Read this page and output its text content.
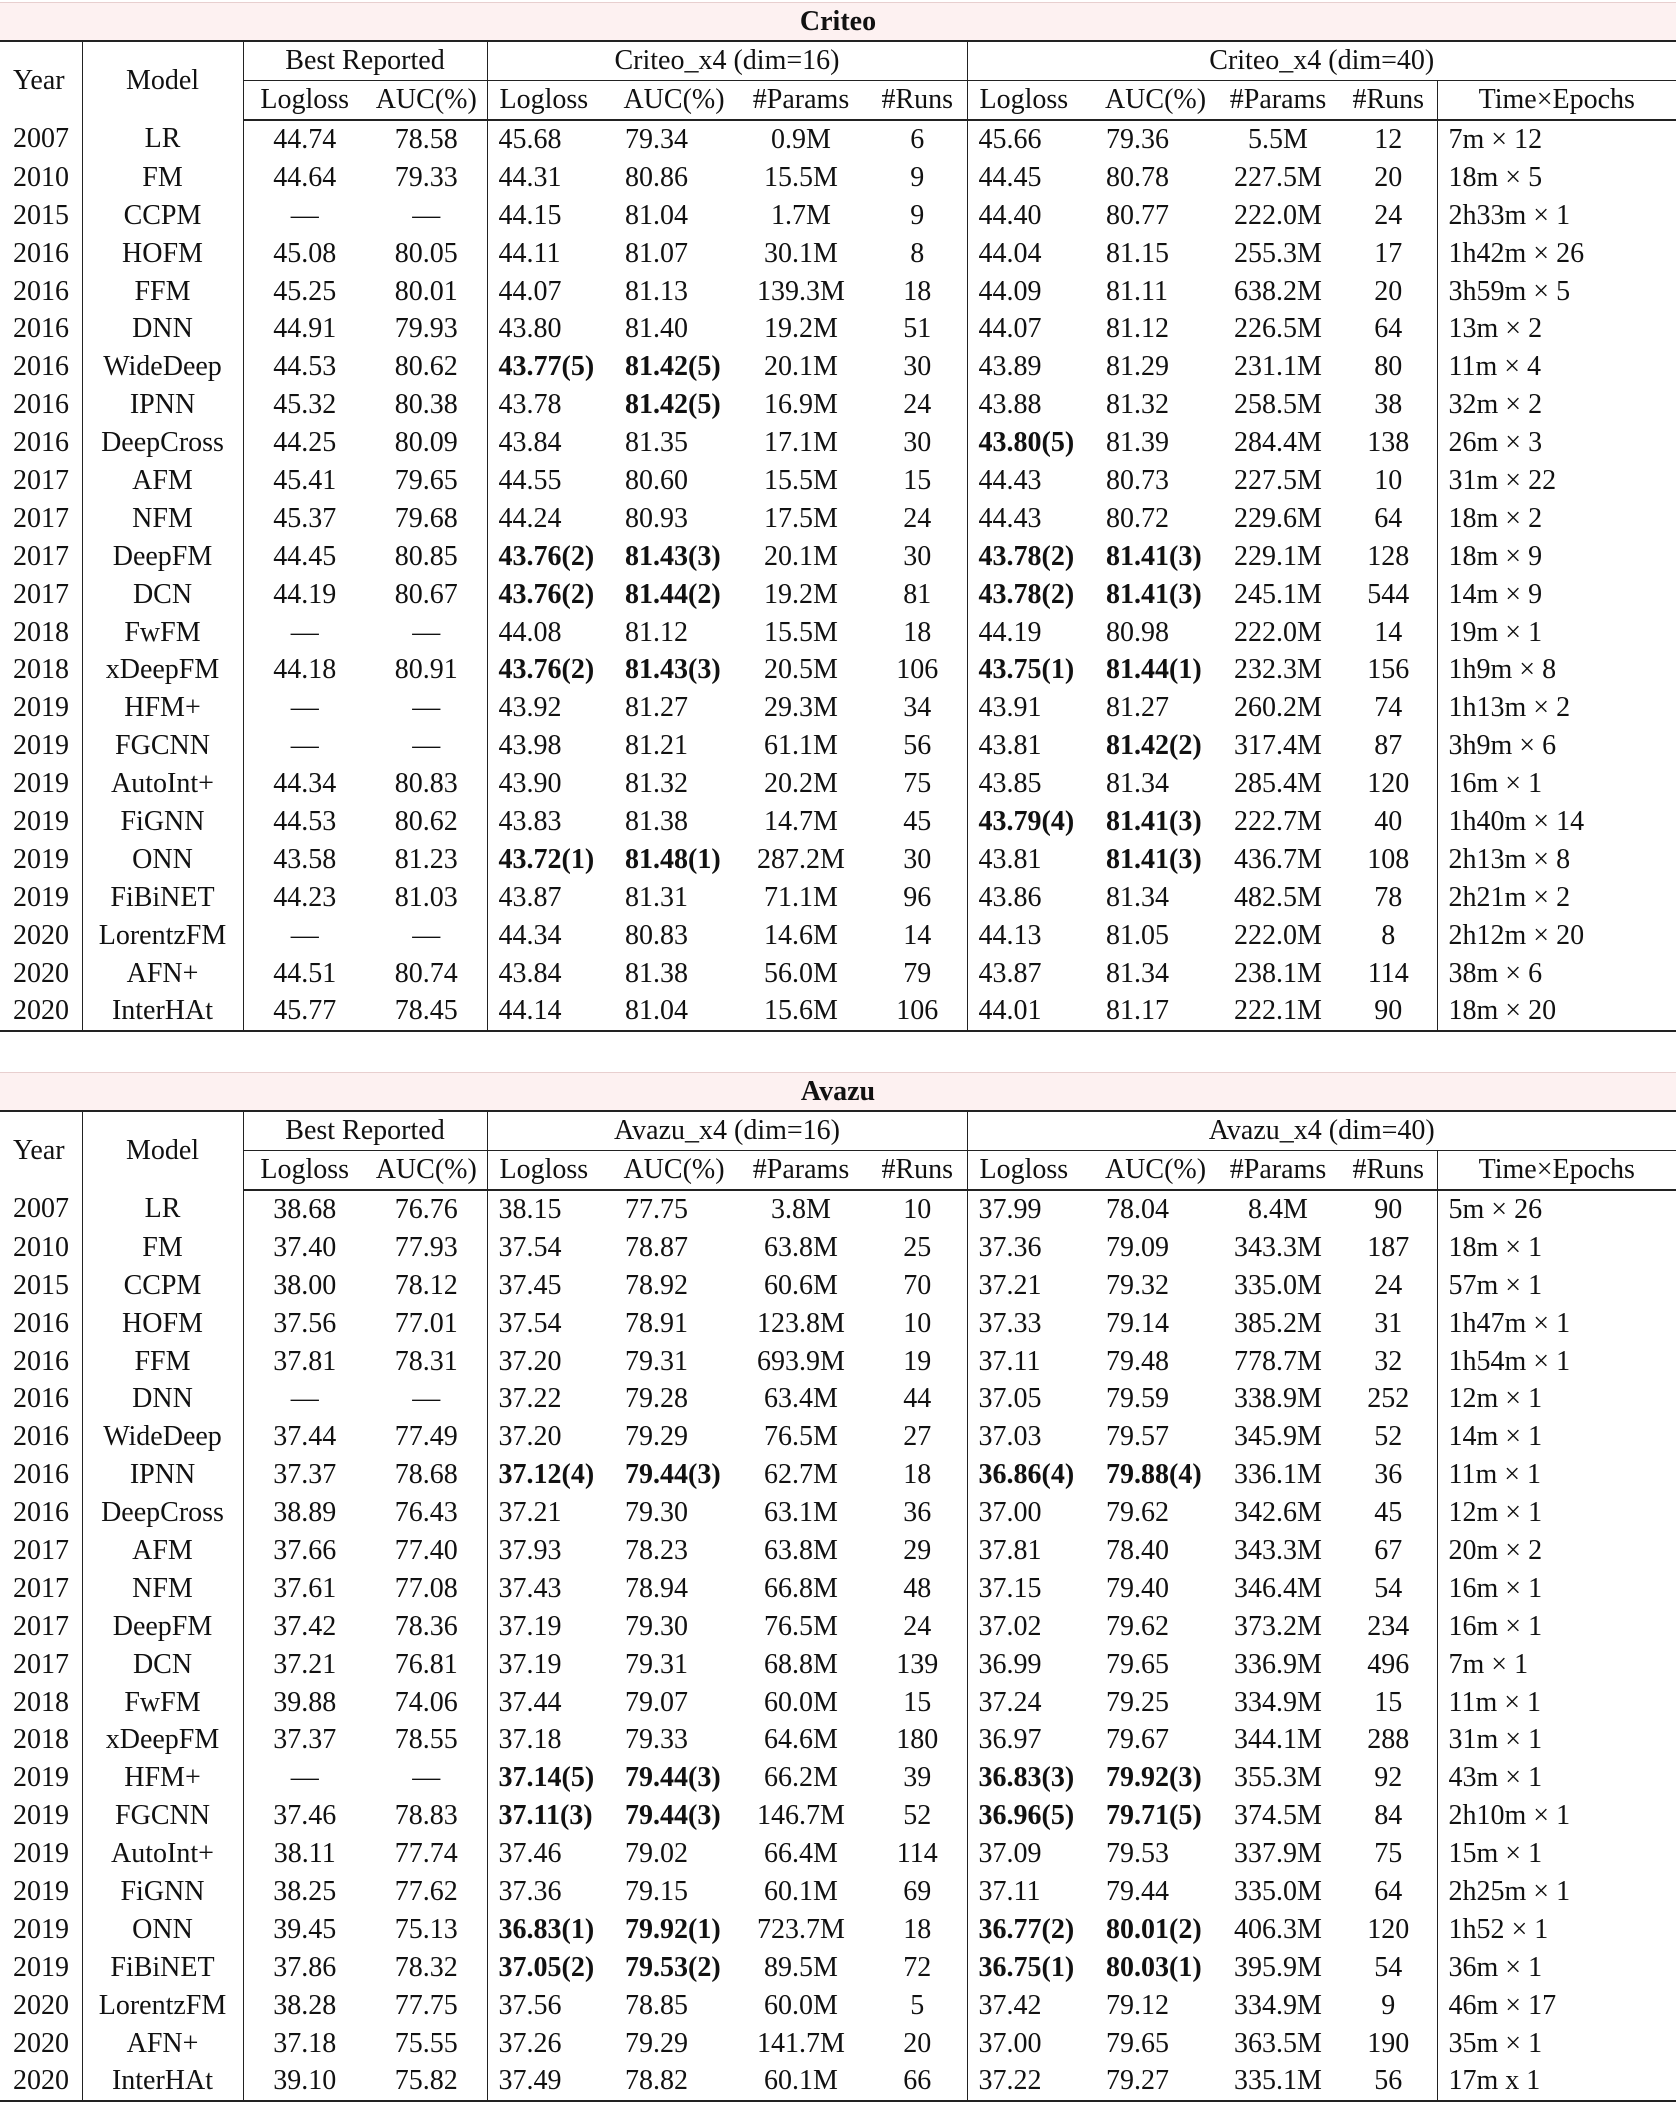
Criteo												
Year	Model	Best Reported		Criteo_x4 (dim=16)				Criteo_x4 (dim=40)				
		Logloss	AUC(%)	Logloss	AUC(%)	#Params	#Runs	Logloss	AUC(%)	#Params	#Runs	Time×Epochs
2007	LR	44.74	78.58	45.68	79.34	0.9M	6	45.66	79.36	5.5M	12	7m × 12
2010	FM	44.64	79.33	44.31	80.86	15.5M	9	44.45	80.78	227.5M	20	18m × 5
2015	CCPM	—	—	44.15	81.04	1.7M	9	44.40	80.77	222.0M	24	2h33m × 1
2016	HOFM	45.08	80.05	44.11	81.07	30.1M	8	44.04	81.15	255.3M	17	1h42m × 26
2016	FFM	45.25	80.01	44.07	81.13	139.3M	18	44.09	81.11	638.2M	20	3h59m × 5
2016	DNN	44.91	79.93	43.80	81.40	19.2M	51	44.07	81.12	226.5M	64	13m × 2
2016	WideDeep	44.53	80.62	43.77(5)	81.42(5)	20.1M	30	43.89	81.29	231.1M	80	11m × 4
2016	IPNN	45.32	80.38	43.78	81.42(5)	16.9M	24	43.88	81.32	258.5M	38	32m × 2
2016	DeepCross	44.25	80.09	43.84	81.35	17.1M	30	43.80(5)	81.39	284.4M	138	26m × 3
2017	AFM	45.41	79.65	44.55	80.60	15.5M	15	44.43	80.73	227.5M	10	31m × 22
2017	NFM	45.37	79.68	44.24	80.93	17.5M	24	44.43	80.72	229.6M	64	18m × 2
2017	DeepFM	44.45	80.85	43.76(2)	81.43(3)	20.1M	30	43.78(2)	81.41(3)	229.1M	128	18m × 9
2017	DCN	44.19	80.67	43.76(2)	81.44(2)	19.2M	81	43.78(2)	81.41(3)	245.1M	544	14m × 9
2018	FwFM	—	—	44.08	81.12	15.5M	18	44.19	80.98	222.0M	14	19m × 1
2018	xDeepFM	44.18	80.91	43.76(2)	81.43(3)	20.5M	106	43.75(1)	81.44(1)	232.3M	156	1h9m × 8
2019	HFM+	—	—	43.92	81.27	29.3M	34	43.91	81.27	260.2M	74	1h13m × 2
2019	FGCNN	—	—	43.98	81.21	61.1M	56	43.81	81.42(2)	317.4M	87	3h9m × 6
2019	AutoInt+	44.34	80.83	43.90	81.32	20.2M	75	43.85	81.34	285.4M	120	16m × 1
2019	FiGNN	44.53	80.62	43.83	81.38	14.7M	45	43.79(4)	81.41(3)	222.7M	40	1h40m × 14
2019	ONN	43.58	81.23	43.72(1)	81.48(1)	287.2M	30	43.81	81.41(3)	436.7M	108	2h13m × 8
2019	FiBiNET	44.23	81.03	43.87	81.31	71.1M	96	43.86	81.34	482.5M	78	2h21m × 2
2020	LorentzFM	—	—	44.34	80.83	14.6M	14	44.13	81.05	222.0M	8	2h12m × 20
2020	AFN+	44.51	80.74	43.84	81.38	56.0M	79	43.87	81.34	238.1M	114	38m × 6
2020	InterHAt	45.77	78.45	44.14	81.04	15.6M	106	44.01	81.17	222.1M	90	18m × 20
Avazu												
Year	Model	Best Reported		Avazu_x4 (dim=16)				Avazu_x4 (dim=40)				
		Logloss	AUC(%)	Logloss	AUC(%)	#Params	#Runs	Logloss	AUC(%)	#Params	#Runs	Time×Epochs
2007	LR	38.68	76.76	38.15	77.75	3.8M	10	37.99	78.04	8.4M	90	5m × 26
2010	FM	37.40	77.93	37.54	78.87	63.8M	25	37.36	79.09	343.3M	187	18m × 1
2015	CCPM	38.00	78.12	37.45	78.92	60.6M	70	37.21	79.32	335.0M	24	57m × 1
2016	HOFM	37.56	77.01	37.54	78.91	123.8M	10	37.33	79.14	385.2M	31	1h47m × 1
2016	FFM	37.81	78.31	37.20	79.31	693.9M	19	37.11	79.48	778.7M	32	1h54m × 1
2016	DNN	—	—	37.22	79.28	63.4M	44	37.05	79.59	338.9M	252	12m × 1
2016	WideDeep	37.44	77.49	37.20	79.29	76.5M	27	37.03	79.57	345.9M	52	14m × 1
2016	IPNN	37.37	78.68	37.12(4)	79.44(3)	62.7M	18	36.86(4)	79.88(4)	336.1M	36	11m × 1
2016	DeepCross	38.89	76.43	37.21	79.30	63.1M	36	37.00	79.62	342.6M	45	12m × 1
2017	AFM	37.66	77.40	37.93	78.23	63.8M	29	37.81	78.40	343.3M	67	20m × 2
2017	NFM	37.61	77.08	37.43	78.94	66.8M	48	37.15	79.40	346.4M	54	16m × 1
2017	DeepFM	37.42	78.36	37.19	79.30	76.5M	24	37.02	79.62	373.2M	234	16m × 1
2017	DCN	37.21	76.81	37.19	79.31	68.8M	139	36.99	79.65	336.9M	496	7m × 1
2018	FwFM	39.88	74.06	37.44	79.07	60.0M	15	37.24	79.25	334.9M	15	11m × 1
2018	xDeepFM	37.37	78.55	37.18	79.33	64.6M	180	36.97	79.67	344.1M	288	31m × 1
2019	HFM+	—	—	37.14(5)	79.44(3)	66.2M	39	36.83(3)	79.92(3)	355.3M	92	43m × 1
2019	FGCNN	37.46	78.83	37.11(3)	79.44(3)	146.7M	52	36.96(5)	79.71(5)	374.5M	84	2h10m × 1
2019	AutoInt+	38.11	77.74	37.46	79.02	66.4M	114	37.09	79.53	337.9M	75	15m × 1
2019	FiGNN	38.25	77.62	37.36	79.15	60.1M	69	37.11	79.44	335.0M	64	2h25m × 1
2019	ONN	39.45	75.13	36.83(1)	79.92(1)	723.7M	18	36.77(2)	80.01(2)	406.3M	120	1h52 × 1
2019	FiBiNET	37.86	78.32	37.05(2)	79.53(2)	89.5M	72	36.75(1)	80.03(1)	395.9M	54	36m × 1
2020	LorentzFM	38.28	77.75	37.56	78.85	60.0M	5	37.42	79.12	334.9M	9	46m × 17
2020	AFN+	37.18	75.55	37.26	79.29	141.7M	20	37.00	79.65	363.5M	190	35m × 1
2020	InterHAt	39.10	75.82	37.49	78.82	60.1M	66	37.22	79.27	335.1M	56	17m x 1
